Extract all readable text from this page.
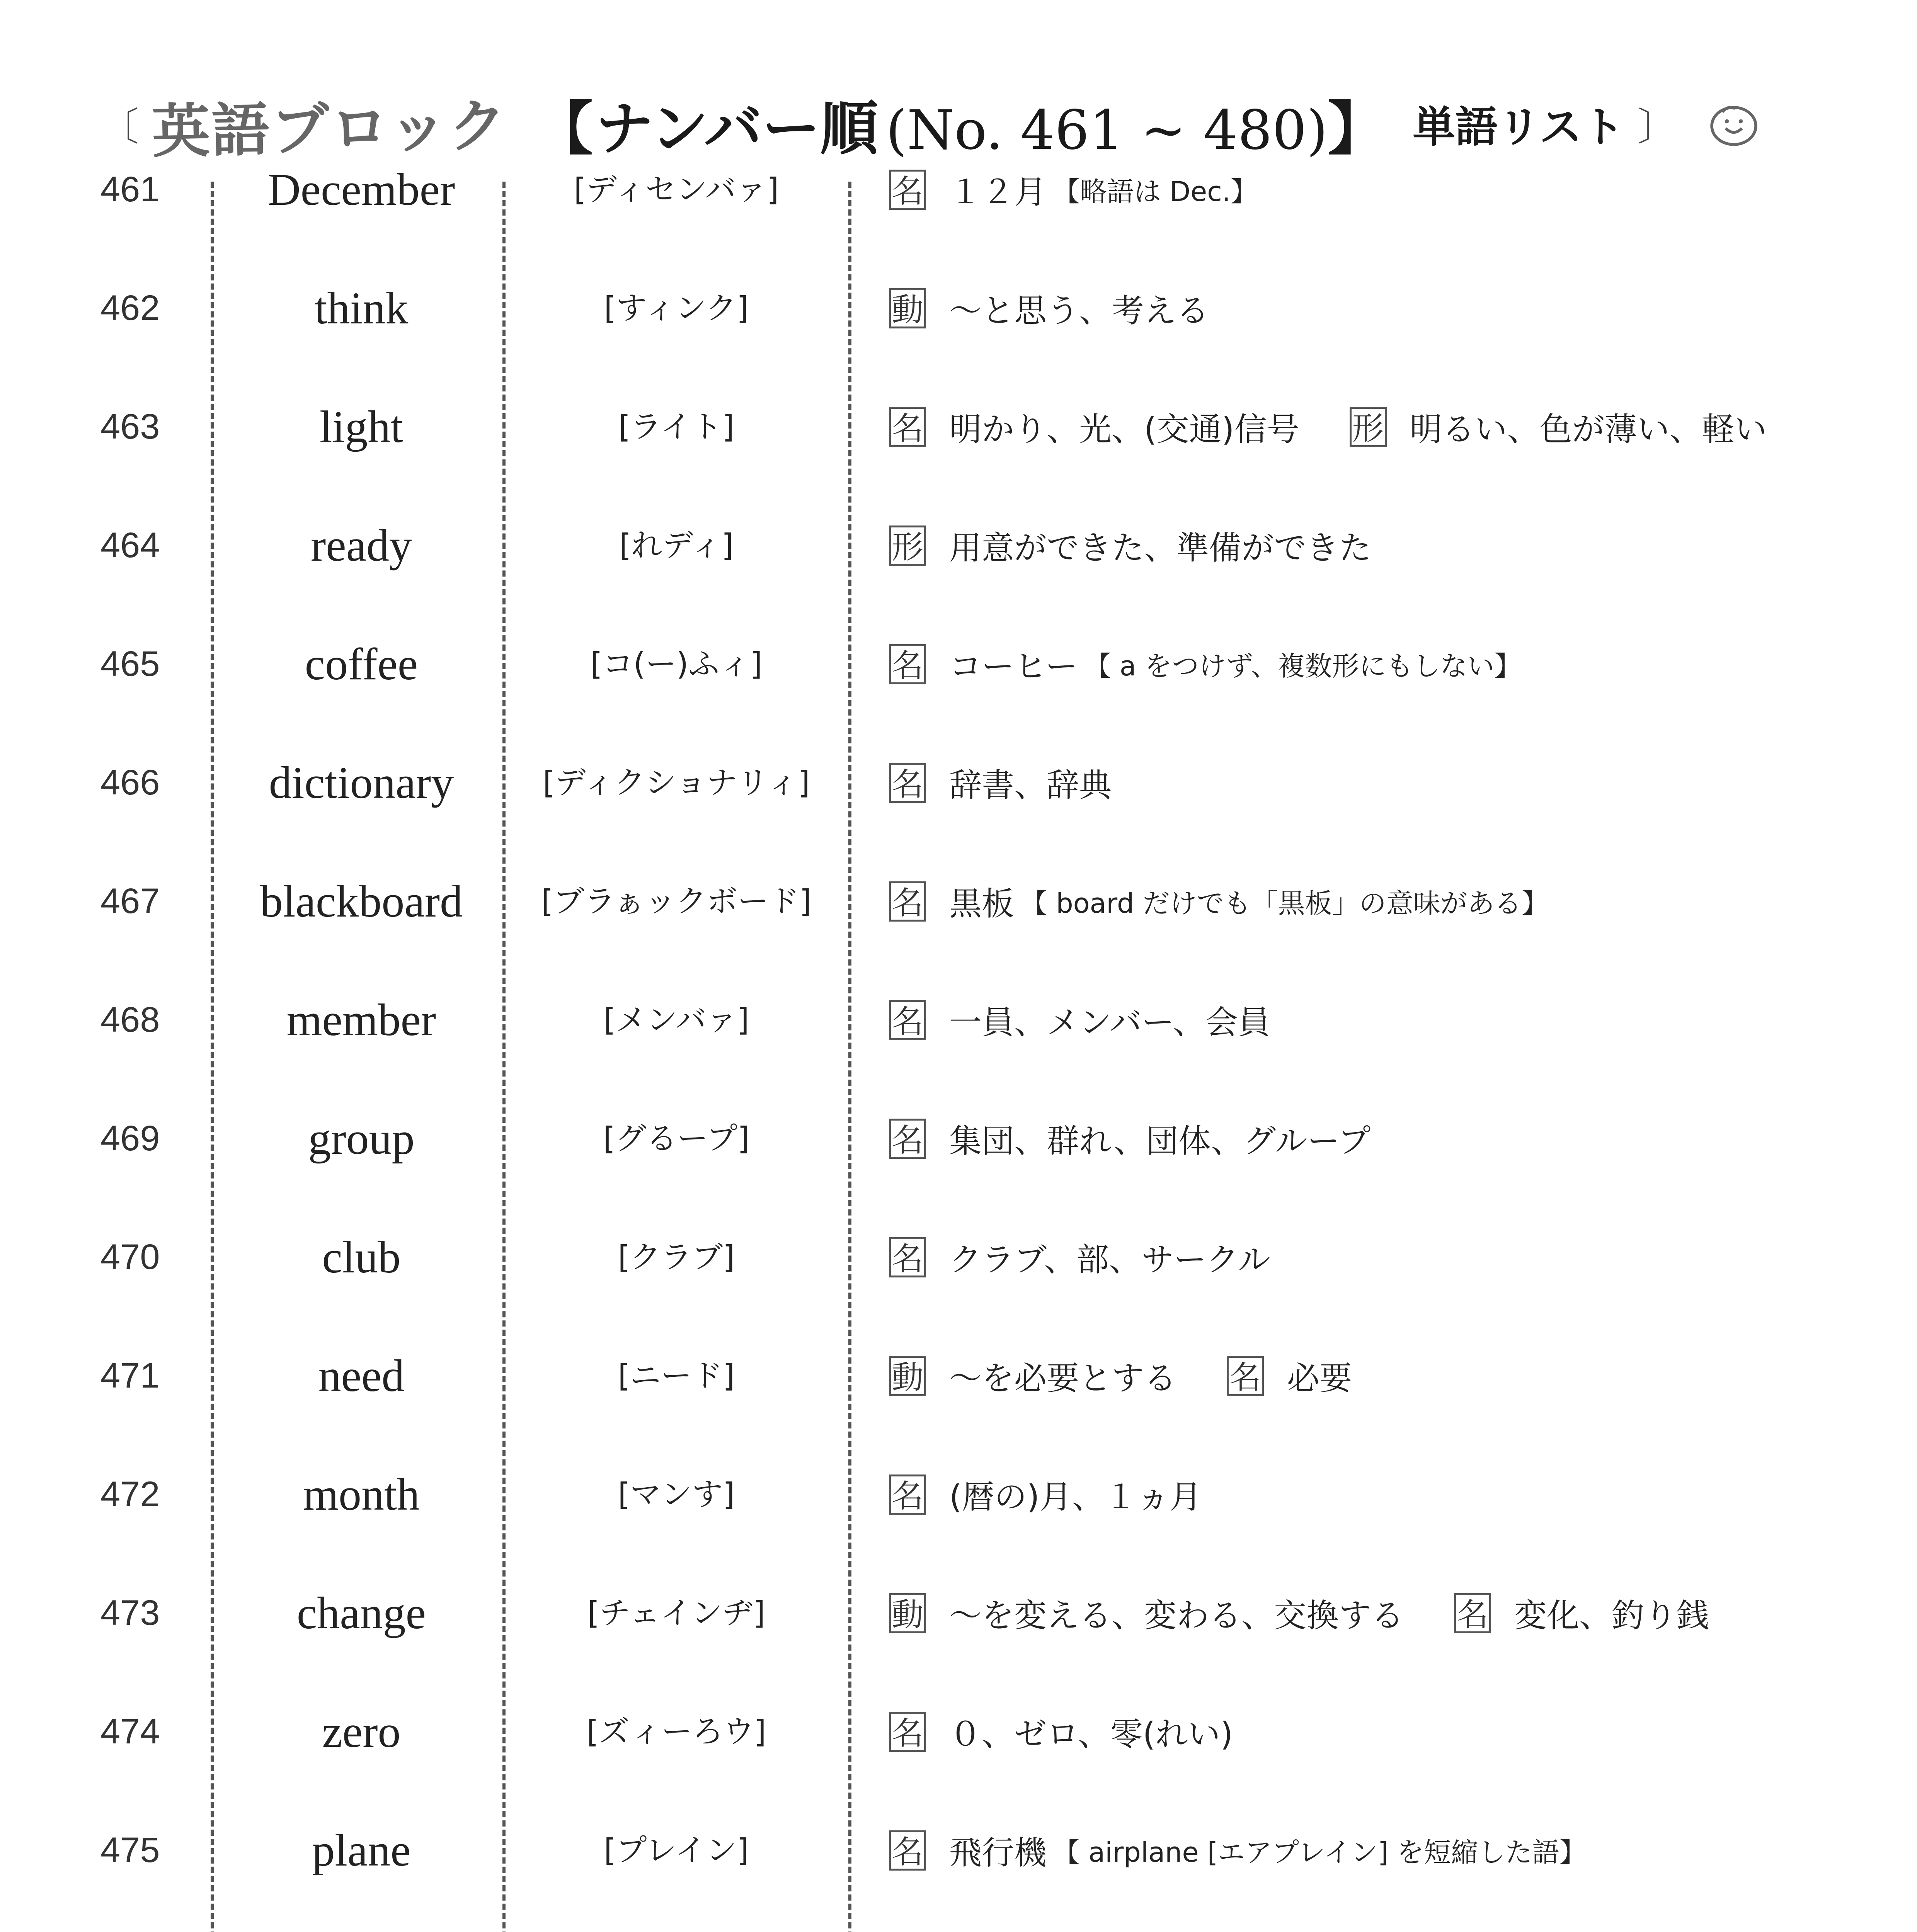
〔 英語ブロック 【ナンバー順 (No. 461 ~ 480)】 単語リスト 〕
461	December	[ディセンバァ]	名 １２月 【略語は Dec.】
462	think	[すィンク]	動 ～と思う、考える
463	light	[ライト]	名 明かり、光、(交通)信号 形 明るい、色が薄い、軽い
464	ready	[れディ]	形 用意ができた、準備ができた
465	coffee	[コ(ー)ふィ]	名 コーヒー 【 a をつけず、複数形にもしない】
466	dictionary	[ディクショナリィ]	名 辞書、辞典
467	blackboard	[ブラぁックボード]	名 黒板 【 board だけでも「黒板」の意味がある】
468	member	[メンバァ]	名 一員、メンバー、会員
469	group	[グるープ]	名 集団、群れ、団体、グループ
470	club	[クラブ]	名 クラブ、部、サークル
471	need	[ニード]	動 ～を必要とする 名 必要
472	month	[マンす]	名 (暦の)月、１ヵ月
473	change	[チェインヂ]	動 ～を変える、変わる、交換する 名 変化、釣り銭
474	zero	[ズィーろウ]	名 ０、ゼロ、零(れい)
475	plane	[プレイン]	名 飛行機 【 airplane [エアプレイン] を短縮した語】
